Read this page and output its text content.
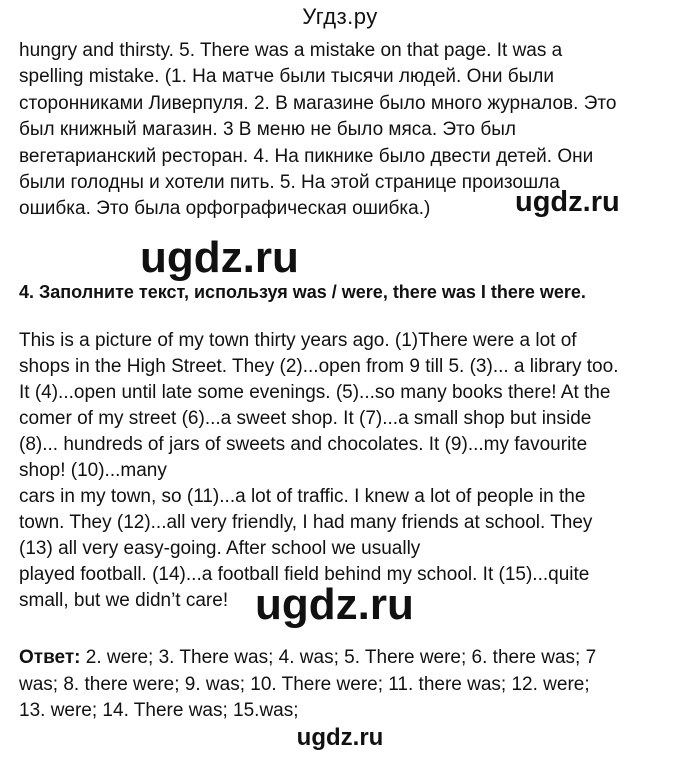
Угдз.ру
hungry and thirsty. 5. There was a mistake on that page. It was a
spelling mistake. (1. На матче были тысячи людей. Они были
сторонниками Ливерпуля. 2. В магазине было много журналов. Это
был книжный магазин. 3 В меню не было мяса. Это был
вегетарианский ресторан. 4. На пикнике было двести детей. Они
были голодны и хотели пить. 5. На этой странице произошла
ошибка. Это была орфографическая ошибка.)	ugdz.ru
ugdz.ru
4. Заполните текст, используя was / were, there was I there were.
This is a picture of my town thirty years ago. (1)There were a lot of
shops in the High Street. They (2)...open from 9 till 5. (3)... a library too.
It (4)...open until late some evenings. (5)...so many books there! At the
comer of my street (6)...a sweet shop. It (7)...a small shop but inside
(8)... hundreds of jars of sweets and chocolates. It (9)...my favourite
shop! (10)...many
cars in my town, so (11)...a lot of traffic. I knew a lot of people in the
town. They (12)...all very friendly, I had many friends at school. They
(13) all very easy-going. After school we usually
played football. (14)...a football field behind my school. It (15)...quite
small, but we didn’t care! ugdz.ru
Ответ: 2. were; 3. There was; 4. was; 5. There were; 6. there was; 7
was; 8. there were; 9. was; 10. There were; 11. there was; 12. were;
13. were; 14. There was; 15.was;
ugdz.ru
